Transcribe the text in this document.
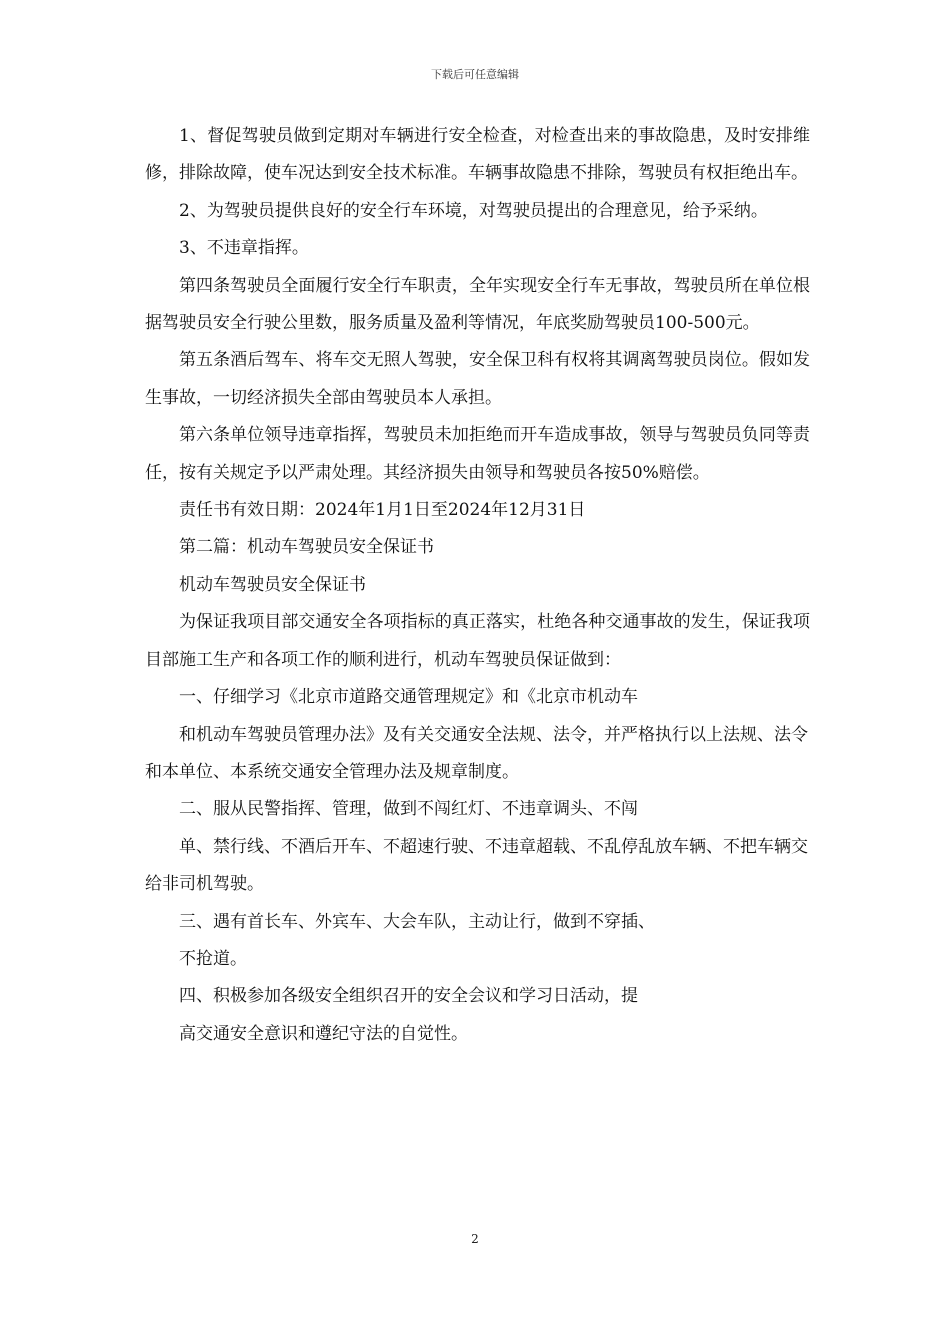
下载后可任意编辑

1、督促驾驶员做到定期对车辆进行安全检查，对检查出来的事故隐患，及时安排维修，排除故障，使车况达到安全技术标准。车辆事故隐患不排除，驾驶员有权拒绝出车。

2、为驾驶员提供良好的安全行车环境，对驾驶员提出的合理意见，给予采纳。

3、不违章指挥。

第四条驾驶员全面履行安全行车职责，全年实现安全行车无事故，驾驶员所在单位根据驾驶员安全行驶公里数，服务质量及盈利等情况，年底奖励驾驶员100-500元。

第五条酒后驾车、将车交无照人驾驶，安全保卫科有权将其调离驾驶员岗位。假如发生事故，一切经济损失全部由驾驶员本人承担。

第六条单位领导违章指挥，驾驶员未加拒绝而开车造成事故，领导与驾驶员负同等责任，按有关规定予以严肃处理。其经济损失由领导和驾驶员各按50%赔偿。

责任书有效日期：2024年1月1日至2024年12月31日

第二篇：机动车驾驶员安全保证书

机动车驾驶员安全保证书

为保证我项目部交通安全各项指标的真正落实，杜绝各种交通事故的发生，保证我项目部施工生产和各项工作的顺利进行，机动车驾驶员保证做到：

一、仔细学习《北京市道路交通管理规定》和《北京市机动车

和机动车驾驶员管理办法》及有关交通安全法规、法令，并严格执行以上法规、法令和本单位、本系统交通安全管理办法及规章制度。

二、服从民警指挥、管理，做到不闯红灯、不违章调头、不闯

单、禁行线、不酒后开车、不超速行驶、不违章超载、不乱停乱放车辆、不把车辆交给非司机驾驶。

三、遇有首长车、外宾车、大会车队，主动让行，做到不穿插、

不抢道。

四、积极参加各级安全组织召开的安全会议和学习日活动，提

高交通安全意识和遵纪守法的自觉性。

2
